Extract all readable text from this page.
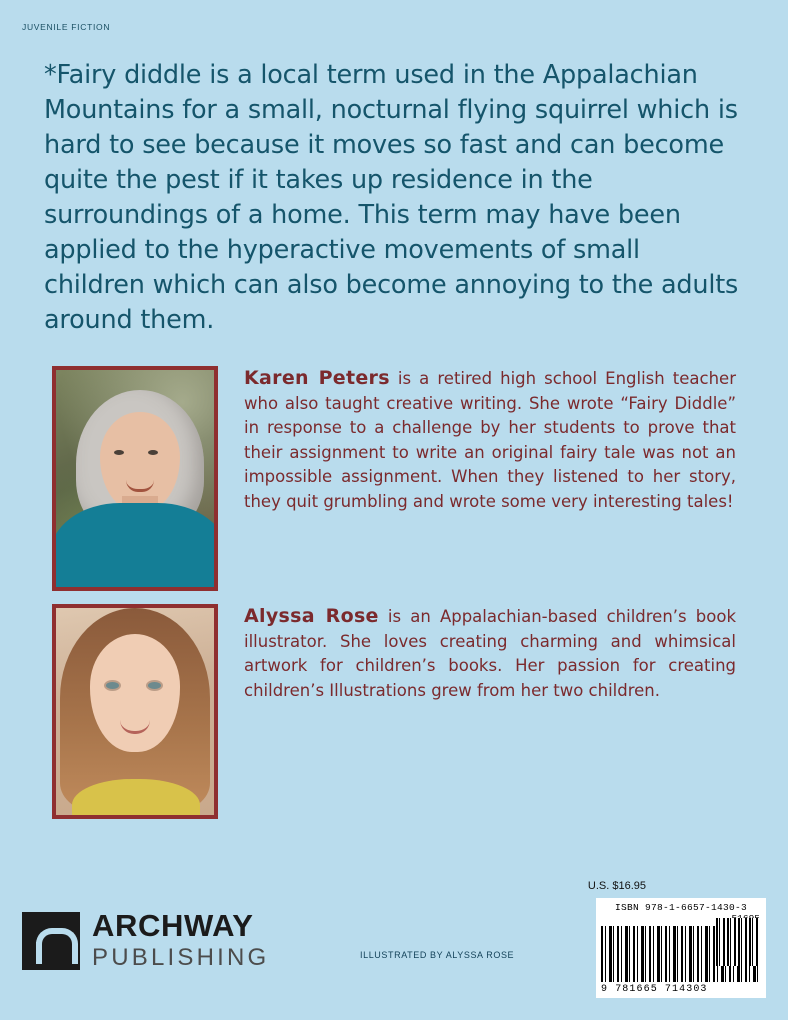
JUVENILE FICTION
*Fairy diddle is a local term used in the Appalachian Mountains for a small, nocturnal flying squirrel which is hard to see because it moves so fast and can become quite the pest if it takes up residence in the surroundings of a home. This term may have been applied to the hyperactive movements of small children which can also become annoying to the adults around them.
Karen Peters is a retired high school English teacher who also taught creative writing. She wrote “Fairy Diddle” in response to a challenge by her students to prove that their assignment to write an original fairy tale was not an impossible assignment. When they listened to her story, they quit grumbling and wrote some very interesting tales!
Alyssa Rose is an Appalachian-based children’s book illustrator. She loves creating charming and whimsical artwork for children’s books. Her passion for creating children’s Illustrations grew from her two children.
U.S. $16.95
ISBN 978-1-6657-1430-3
9 781665 714303
ARCHWAY
PUBLISHING	ILLUSTRATED BY ALYSSA ROSE
